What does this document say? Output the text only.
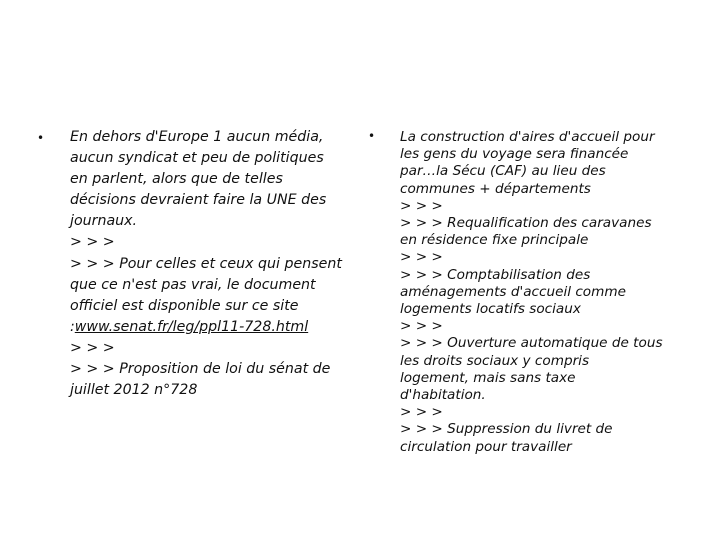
• En dehors d'Europe 1 aucun média,
aucun syndicat et peu de politiques
en parlent, alors que de telles
décisions devraient faire la UNE des
journaux.
> > >
> > > Pour celles et ceux qui pensent
que ce n'est pas vrai, le document
officiel est disponible sur ce site
:www.senat.fr/leg/ppl11-728.html
> > >
> > > Proposition de loi du sénat de
juillet 2012 n°728
• La construction d'aires d'accueil pour
les gens du voyage sera financée
par…la Sécu (CAF) au lieu des
communes + départements
> > >
> > > Requalification des caravanes
en résidence fixe principale
> > >
> > > Comptabilisation des
aménagements d'accueil comme
logements locatifs sociaux
> > >
> > > Ouverture automatique de tous
les droits sociaux y compris
logement, mais sans taxe
d'habitation.
> > >
> > > Suppression du livret de
circulation pour travailler
